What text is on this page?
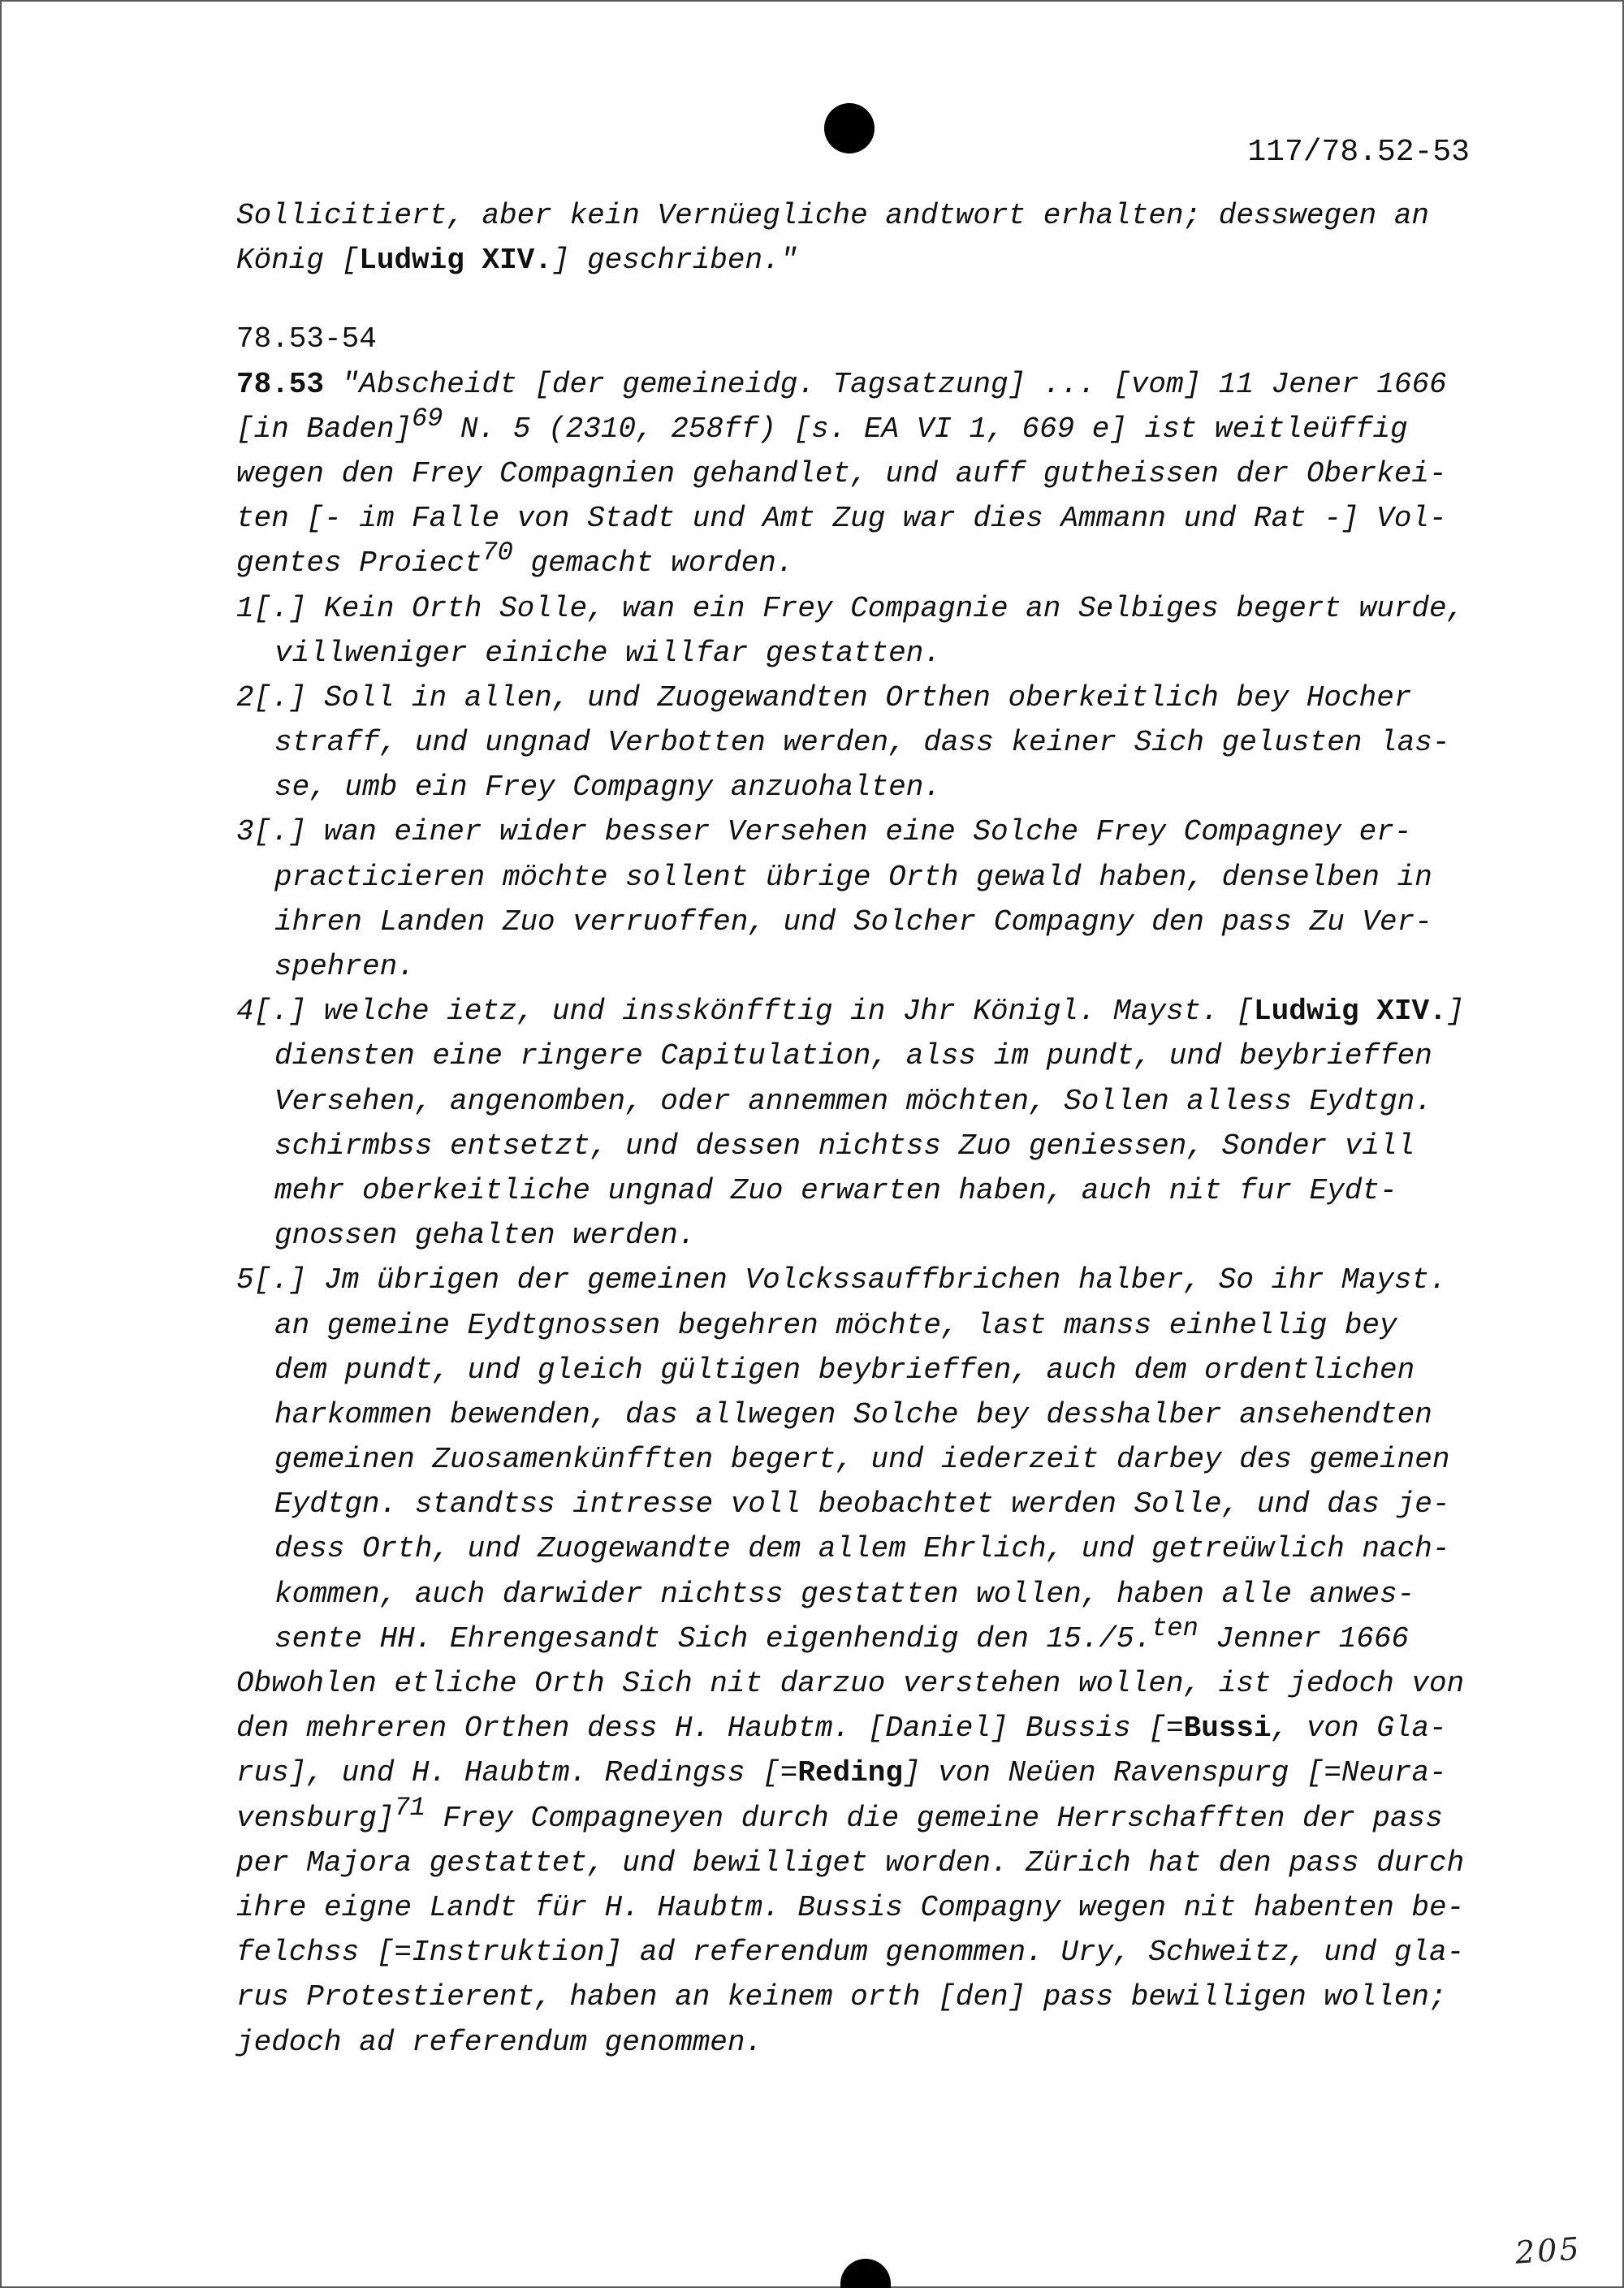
117/78.52-53
Sollicitiert, aber kein Vernüegliche andtwort erhalten; desswegen an
König [Ludwig XIV.] geschriben."
78.53-54
78.53 "Abscheidt [der gemeineidg. Tagsatzung] ... [vom] 11 Jener 1666
[in Baden]69 N. 5 (2310, 258ff) [s. EA VI 1, 669 e] ist weitleüffig
wegen den Frey Compagnien gehandlet, und auff gutheissen der Oberkei-
ten [- im Falle von Stadt und Amt Zug war dies Ammann und Rat -] Vol-
gentes Proiect70 gemacht worden.
1[.] Kein Orth Solle, wan ein Frey Compagnie an Selbiges begert wurde,
villweniger einiche willfar gestatten.
2[.] Soll in allen, und Zuogewandten Orthen oberkeitlich bey Hocher
straff, und ungnad Verbotten werden, dass keiner Sich gelusten las-
se, umb ein Frey Compagny anzuohalten.
3[.] wan einer wider besser Versehen eine Solche Frey Compagney er-
practicieren möchte sollent übrige Orth gewald haben, denselben in
ihren Landen Zuo verruoffen, und Solcher Compagny den pass Zu Ver-
spehren.
4[.] welche ietz, und insskönfftig in Jhr Königl. Mayst. [Ludwig XIV.]
diensten eine ringere Capitulation, alss im pundt, und beybrieffen
Versehen, angenomben, oder annemmen möchten, Sollen alless Eydtgn.
schirmbss entsetzt, und dessen nichtss Zuo geniessen, Sonder vill
mehr oberkeitliche ungnad Zuo erwarten haben, auch nit fur Eydt-
gnossen gehalten werden.
5[.] Jm übrigen der gemeinen Volckssauffbrichen halber, So ihr Mayst.
an gemeine Eydtgnossen begehren möchte, last manss einhellig bey
dem pundt, und gleich gültigen beybrieffen, auch dem ordentlichen
harkommen bewenden, das allwegen Solche bey desshalber ansehendten
gemeinen Zuosamenkünfften begert, und iederzeit darbey des gemeinen
Eydtgn. standtss intresse voll beobachtet werden Solle, und das je-
dess Orth, und Zuogewandte dem allem Ehrlich, und getreüwlich nach-
kommen, auch darwider nichtss gestatten wollen, haben alle anwes-
sente HH. Ehrengesandt Sich eigenhendig den 15./5.ten Jenner 1666
Obwohlen etliche Orth Sich nit darzuo verstehen wollen, ist jedoch von
den mehreren Orthen dess H. Haubtm. [Daniel] Bussis [=Bussi, von Gla-
rus], und H. Haubtm. Redingss [=Reding] von Neüen Ravenspurg [=Neura-
vensburg]71 Frey Compagneyen durch die gemeine Herrschafften der pass
per Majora gestattet, und bewilliget worden. Zürich hat den pass durch
ihre eigne Landt für H. Haubtm. Bussis Compagny wegen nit habenten be-
felchss [=Instruktion] ad referendum genommen. Ury, Schweitz, und gla-
rus Protestierent, haben an keinem orth [den] pass bewilligen wollen;
jedoch ad referendum genommen.
205
